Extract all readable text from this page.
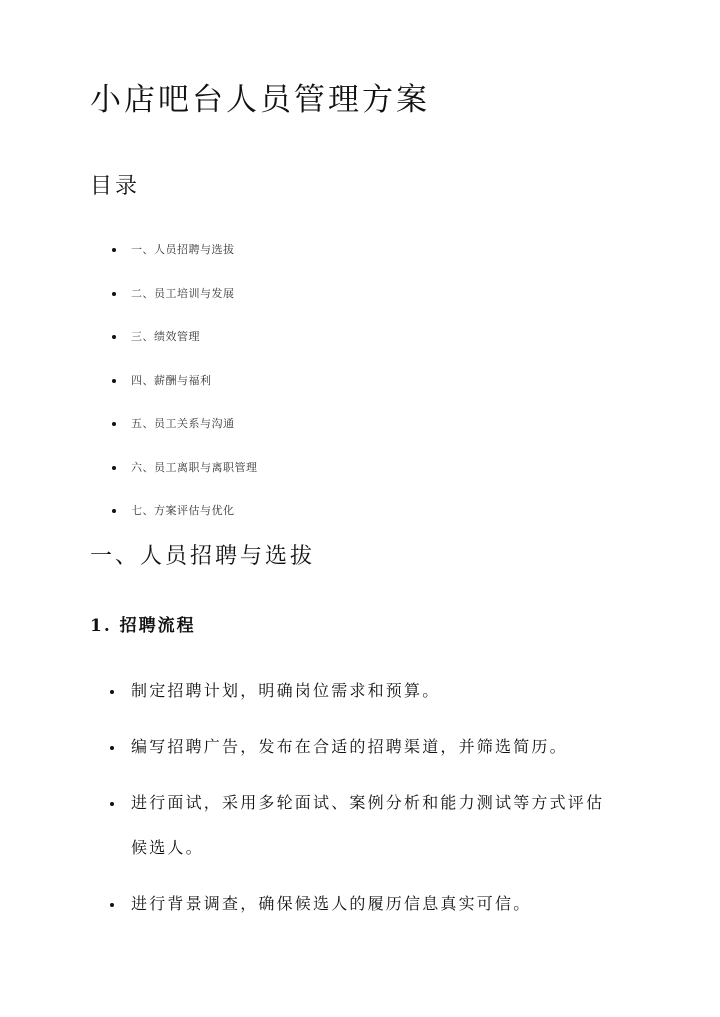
小店吧台人员管理方案
目录
一、人员招聘与选拔
二、员工培训与发展
三、绩效管理
四、薪酬与福利
五、员工关系与沟通
六、员工离职与离职管理
七、方案评估与优化
一、人员招聘与选拔
1. 招聘流程
制定招聘计划，明确岗位需求和预算。
编写招聘广告，发布在合适的招聘渠道，并筛选简历。
进行面试，采用多轮面试、案例分析和能力测试等方式评估候选人。
进行背景调查，确保候选人的履历信息真实可信。
